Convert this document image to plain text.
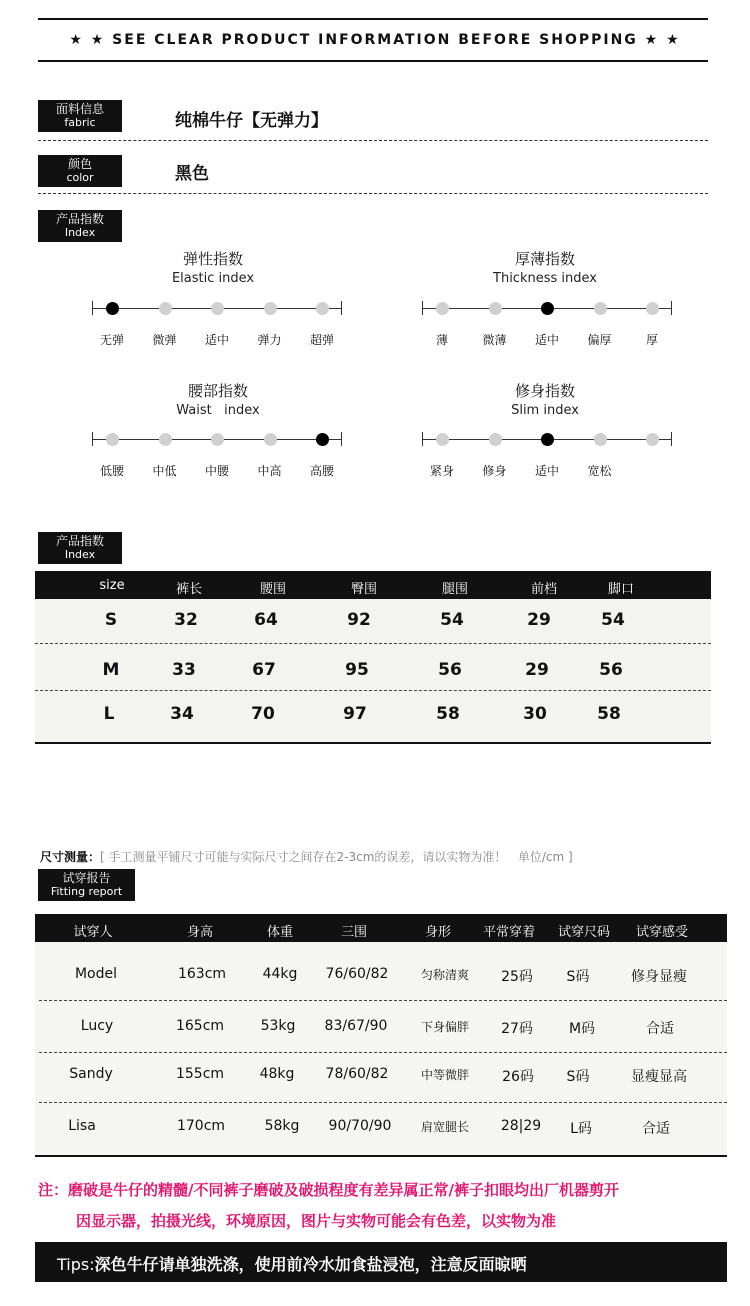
★ ★ SEE CLEAR PRODUCT INFORMATION BEFORE SHOPPING ★ ★
面料信息
fabric	纯棉牛仔【无弹力】
颜色
color	黑色
产品指数
Index
弹性指数
Elastic index
厚薄指数
Thickness index
腰部指数
Waist   index
修身指数
Slim index
产品指数
Index
size	裤长	腰围	臀围	腿围	前档	脚口
S	32	64	92	54	29	54
M	33	67	95	56	29	56
L	34	70	97	58	30	58
尺寸测量：[ 手工测量平铺尺寸可能与实际尺寸之间存在2-3cm的误差，请以实物为准！   单位/cm ]
试穿报告
Fitting report
试穿人	身高	体重	三围	身形 平常穿着 试穿尺码 试穿感受
Model	163cm	44kg 76/60/82	匀称清爽 25码 S码	修身显瘦
Lucy	165cm	53kg 83/67/90	下身偏胖 27码	M码	合适
Sandy	155cm	48kg 78/60/82	中等微胖 26码 S码	显瘦显高
Lisa	170cm	58kg 90/70/90 肩宽腿长 28|29 L码	合适
注：磨破是牛仔的精髓/不同裤子磨破及破损程度有差异属正常/裤子扣眼均出厂机器剪开
因显示器，拍摄光线，环境原因，图片与实物可能会有色差，以实物为准
Tips:深色牛仔请单独洗涤，使用前冷水加食盐浸泡，注意反面晾晒
无弹 微弹 适中 弹力 超弹	薄	微薄 适中 偏厚	厚
低腰 中低 中腰 中高 高腰	紧身 修身 适中 宽松
